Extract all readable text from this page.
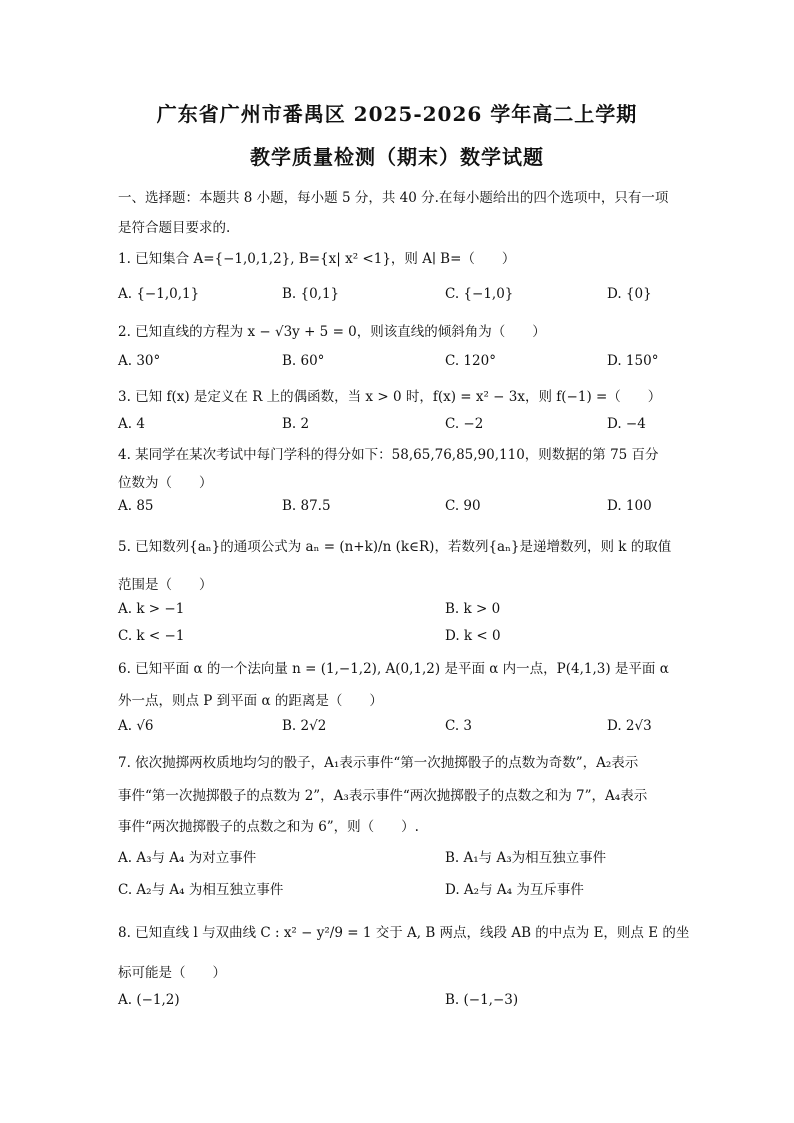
广东省广州市番禺区 2025-2026 学年高二上学期
教学质量检测（期末）数学试题
一、选择题：本题共 8 小题，每小题 5 分，共 40 分.在每小题给出的四个选项中，只有一项
是符合题目要求的.
1. 已知集合 A={−1,0,1,2}, B={x| x² <1}，则 A∣ B=（　　）
A. {−1,0,1}	B. {0,1}	C. {−1,0}	D. {0}
2. 已知直线的方程为 x − √3y + 5 = 0，则该直线的倾斜角为（　　）
A. 30°	B. 60°	C. 120°	D. 150°
3. 已知 f(x) 是定义在 R 上的偶函数，当 x > 0 时，f(x) = x² − 3x，则 f(−1) =（　　）
A. 4	B. 2	C. −2	D. −4
4. 某同学在某次考试中每门学科的得分如下：58,65,76,85,90,110，则数据的第 75 百分
位数为（　　）
A. 85	B. 87.5	C. 90	D. 100
5. 已知数列{aₙ}的通项公式为 aₙ = (n+k)/n (k∈R)，若数列{aₙ}是递增数列，则 k 的取值
范围是（　　）
A. k > −1	B. k > 0
C. k < −1	D. k < 0
6. 已知平面 α 的一个法向量 n = (1,−1,2), A(0,1,2) 是平面 α 内一点，P(4,1,3) 是平面 α
外一点，则点 P 到平面 α 的距离是（　　）
A. √6	B. 2√2	C. 3	D. 2√3
7. 依次抛掷两枚质地均匀的骰子，A₁表示事件“第一次抛掷骰子的点数为奇数”，A₂表示
事件“第一次抛掷骰子的点数为 2”，A₃表示事件“两次抛掷骰子的点数之和为 7”，A₄表示
事件“两次抛掷骰子的点数之和为 6”，则（　　）.
A. A₃与 A₄ 为对立事件	B. A₁与 A₃为相互独立事件
C. A₂与 A₄ 为相互独立事件	D. A₂与 A₄ 为互斥事件
8. 已知直线 l 与双曲线 C : x² − y²/9 = 1 交于 A, B 两点，线段 AB 的中点为 E，则点 E 的坐
标可能是（　　）
A. (−1,2)	B. (−1,−3)
